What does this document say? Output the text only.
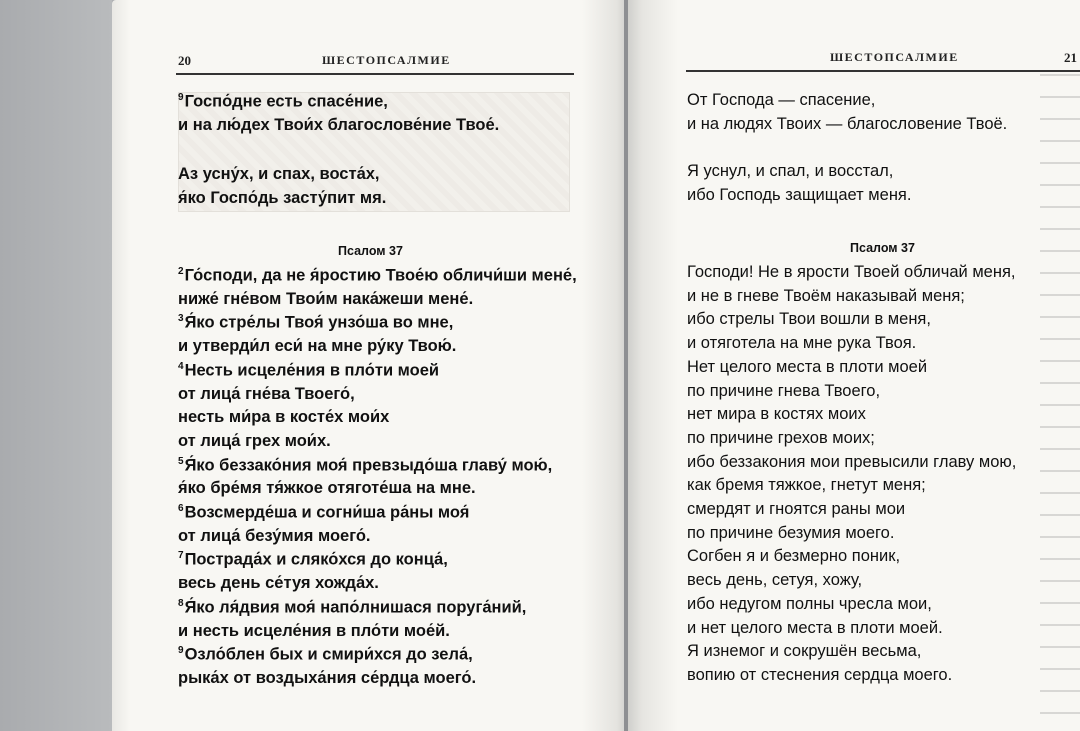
20	ШЕСТОПСАЛМИЕ
$^9$Госпо́дне есть спасе́ние,
и на лю́дех Твои́х благослове́ние Твое́.
Аз усну́х, и спах, воста́х,
я́ко Госпо́дь засту́пит мя.
Псалом 37
$^2$Го́споди, да не я́ростию Твое́ю обличи́ши мене́,
ниже́ гне́вом Твои́м нака́жеши мене́.
$^3$Я́ко стре́лы Твоя́ унзо́ша во мне,
и утверди́л еси́ на мне ру́ку Твою́.
$^4$Несть исцеле́ния в пло́ти моей
от лица́ гне́ва Твоего́,
несть ми́ра в косте́х мои́х
от лица́ грех мои́х.
$^5$Я́ко беззако́ния моя́ превзыдо́ша главу́ мою́,
я́ко бре́мя тя́жкое отяготе́ша на мне.
$^6$Возсмерде́ша и согни́ша ра́ны моя́
от лица́ безу́мия моего́.
$^7$Пострада́х и сляко́хся до конца́,
весь день се́туя хожда́х.
$^8$Я́ко ля́двия моя́ напо́лнишася поруга́ний,
и несть исцеле́ния в пло́ти мое́й.
$^9$Озло́блен бых и смири́хся до зела́,
рыка́х от воздыха́ния се́рдца моего́.
ШЕСТОПСАЛМИЕ	21
От Господа — спасение,
и на людях Твоих — благословение Твоё.
Я уснул, и спал, и восстал,
ибо Господь защищает меня.
Псалом 37
Господи! Не в ярости Твоей обличай меня,
и не в гневе Твоём наказывай меня;
ибо стрелы Твои вошли в меня,
и отяготела на мне рука Твоя.
Нет целого места в плоти моей
по причине гнева Твоего,
нет мира в костях моих
по причине грехов моих;
ибо беззакония мои превысили главу мою,
как бремя тяжкое, гнетут меня;
смердят и гноятся раны мои
по причине безумия моего.
Согбен я и безмерно поник,
весь день, сетуя, хожу,
ибо недугом полны чресла мои,
и нет целого места в плоти моей.
Я изнемог и сокрушён весьма,
вопию от стеснения сердца моего.
